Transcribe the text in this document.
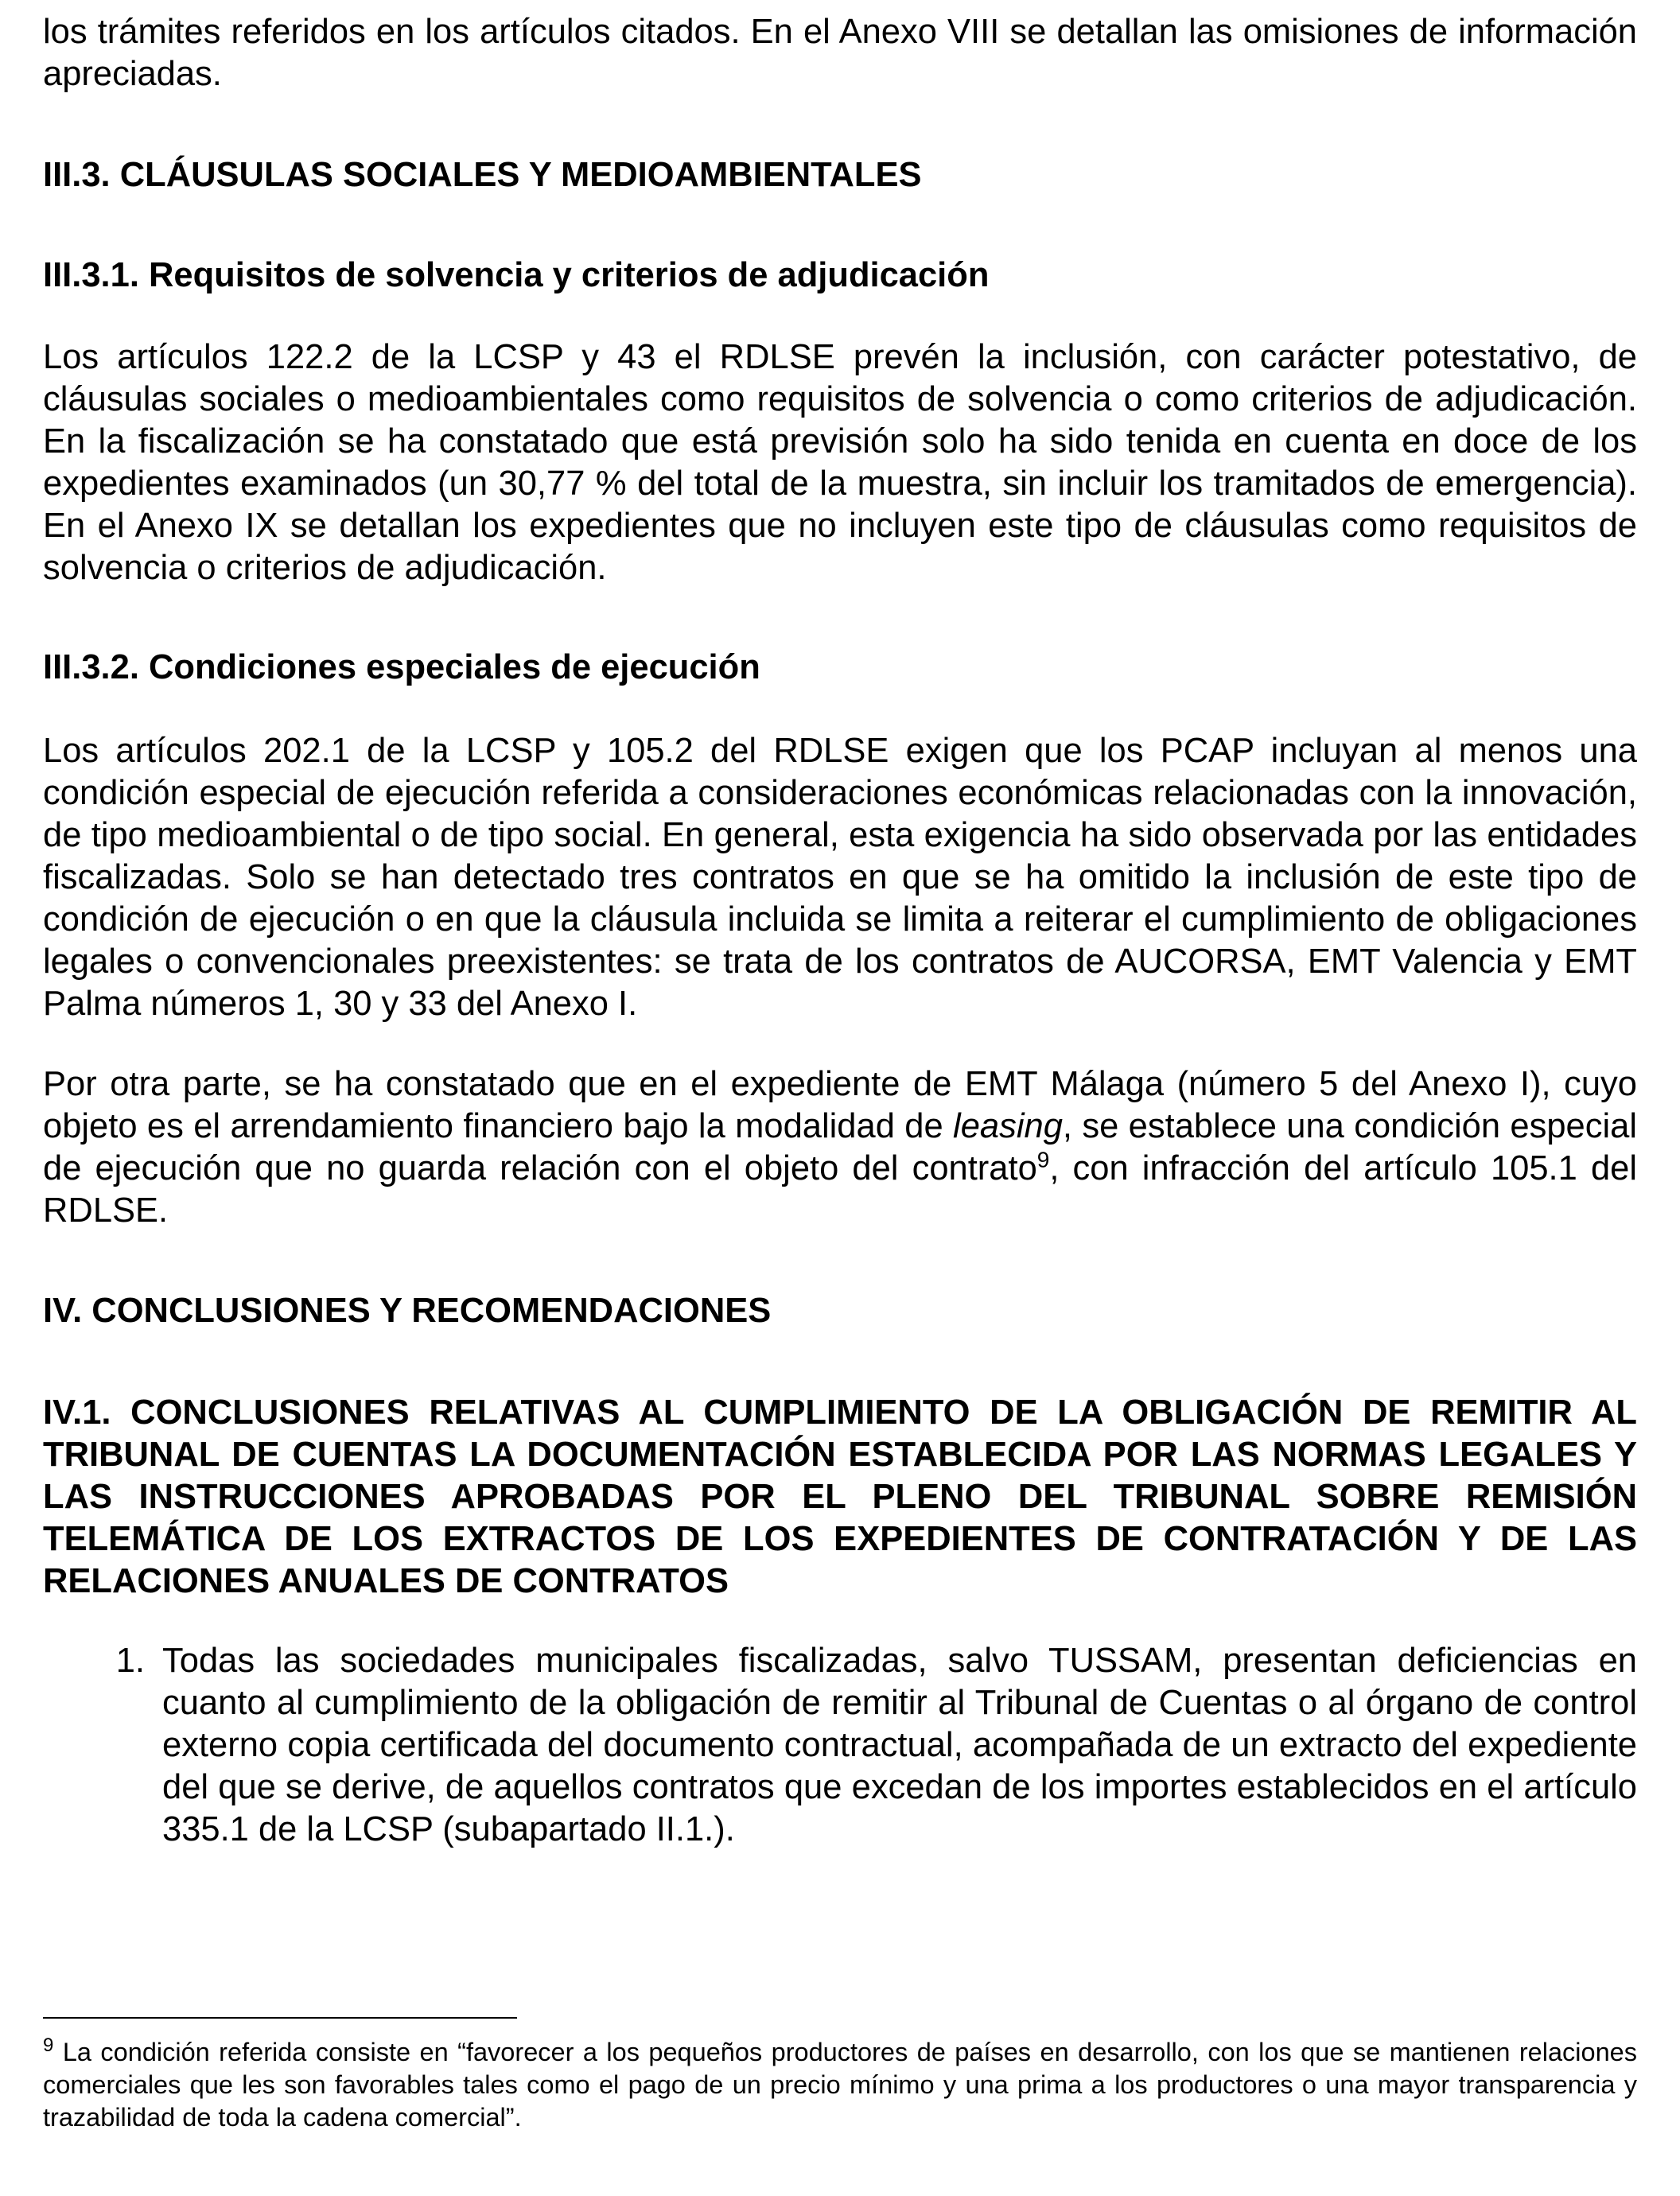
los trámites referidos en los artículos citados. En el Anexo VIII se detallan las omisiones de información apreciadas.

III.3. CLÁUSULAS SOCIALES Y MEDIOAMBIENTALES

III.3.1. Requisitos de solvencia y criterios de adjudicación

Los artículos 122.2 de la LCSP y 43 el RDLSE prevén la inclusión, con carácter potestativo, de cláusulas sociales o medioambientales como requisitos de solvencia o como criterios de adjudicación. En la fiscalización se ha constatado que está previsión solo ha sido tenida en cuenta en doce de los expedientes examinados (un 30,77 % del total de la muestra, sin incluir los tramitados de emergencia). En el Anexo IX se detallan los expedientes que no incluyen este tipo de cláusulas como requisitos de solvencia o criterios de adjudicación.

III.3.2. Condiciones especiales de ejecución

Los artículos 202.1 de la LCSP y 105.2 del RDLSE exigen que los PCAP incluyan al menos una condición especial de ejecución referida a consideraciones económicas relacionadas con la innovación, de tipo medioambiental o de tipo social. En general, esta exigencia ha sido observada por las entidades fiscalizadas. Solo se han detectado tres contratos en que se ha omitido la inclusión de este tipo de condición de ejecución o en que la cláusula incluida se limita a reiterar el cumplimiento de obligaciones legales o convencionales preexistentes: se trata de los contratos de AUCORSA, EMT Valencia y EMT Palma números 1, 30 y 33 del Anexo I.

Por otra parte, se ha constatado que en el expediente de EMT Málaga (número 5 del Anexo I), cuyo objeto es el arrendamiento financiero bajo la modalidad de leasing, se establece una condición especial de ejecución que no guarda relación con el objeto del contrato$^9$, con infracción del artículo 105.1 del RDLSE.

IV. CONCLUSIONES Y RECOMENDACIONES

IV.1. CONCLUSIONES RELATIVAS AL CUMPLIMIENTO DE LA OBLIGACIÓN DE REMITIR AL TRIBUNAL DE CUENTAS LA DOCUMENTACIÓN ESTABLECIDA POR LAS NORMAS LEGALES Y LAS INSTRUCCIONES APROBADAS POR EL PLENO DEL TRIBUNAL SOBRE REMISIÓN TELEMÁTICA DE LOS EXTRACTOS DE LOS EXPEDIENTES DE CONTRATACIÓN Y DE LAS RELACIONES ANUALES DE CONTRATOS

1. Todas las sociedades municipales fiscalizadas, salvo TUSSAM, presentan deficiencias en cuanto al cumplimiento de la obligación de remitir al Tribunal de Cuentas o al órgano de control externo copia certificada del documento contractual, acompañada de un extracto del expediente del que se derive, de aquellos contratos que excedan de los importes establecidos en el artículo 335.1 de la LCSP (subapartado II.1.).

$^9$ La condición referida consiste en “favorecer a los pequeños productores de países en desarrollo, con los que se mantienen relaciones comerciales que les son favorables tales como el pago de un precio mínimo y una prima a los productores o una mayor transparencia y trazabilidad de toda la cadena comercial”.
